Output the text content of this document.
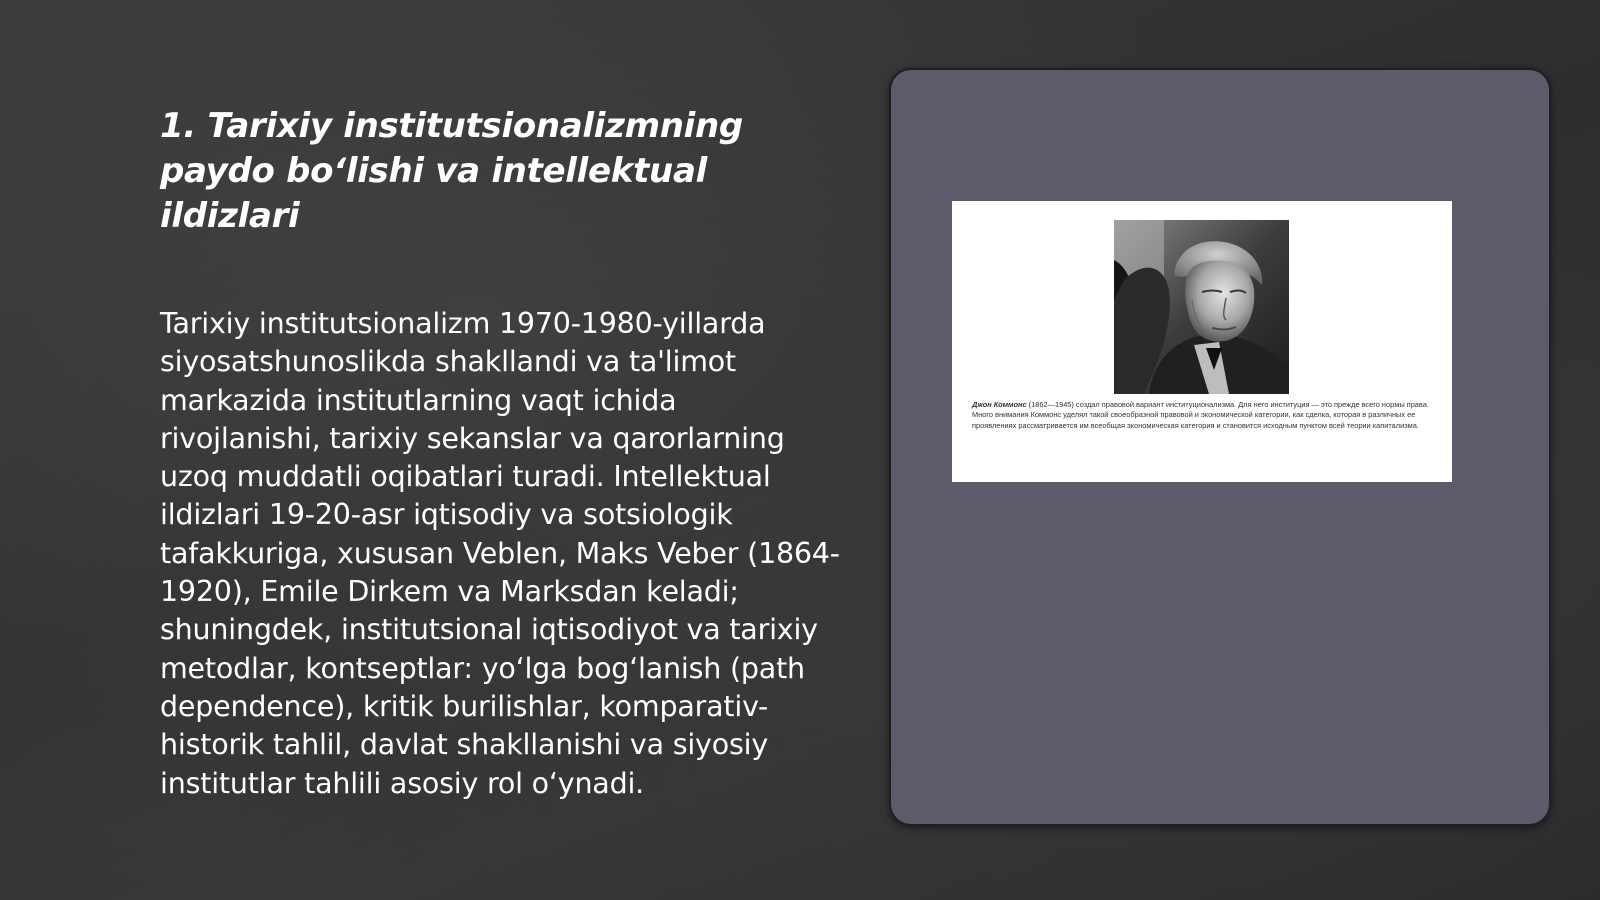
1. Tarixiy institutsionalizmning paydo bo‘lishi va intellektual ildizlari

Tarixiy institutsionalizm 1970-1980-yillarda siyosatshunoslikda shakllandi va ta'limot markazida institutlarning vaqt ichida rivojlanishi, tarixiy sekanslar va qarorlarning uzoq muddatli oqibatlari turadi. Intellektual ildizlari 19-20-asr iqtisodiy va sotsiologik tafakkuriga, xususan Veblen, Maks Veber (1864-1920), Emile Dirkem va Marksdan keladi; shuningdek, institutsional iqtisodiyot va tarixiy metodlar, kontseptlar: yo‘lga bog‘lanish (path dependence), kritik burilishlar, komparativ-historik tahlil, davlat shakllanishi va siyosiy institutlar tahlili asosiy rol o‘ynadi.

Джон Коммонс (1862—1945) создал правовой вариант институционализма. Для него институция — это прежде всего нормы права. Много внимания Коммонс уделял такой своеобразной правовой и экономической категории, как сделка, которая в различных ее проявлениях рассматривается им всеобщая экономическая категория и становится исходным пунктом всей теории капитализма.
